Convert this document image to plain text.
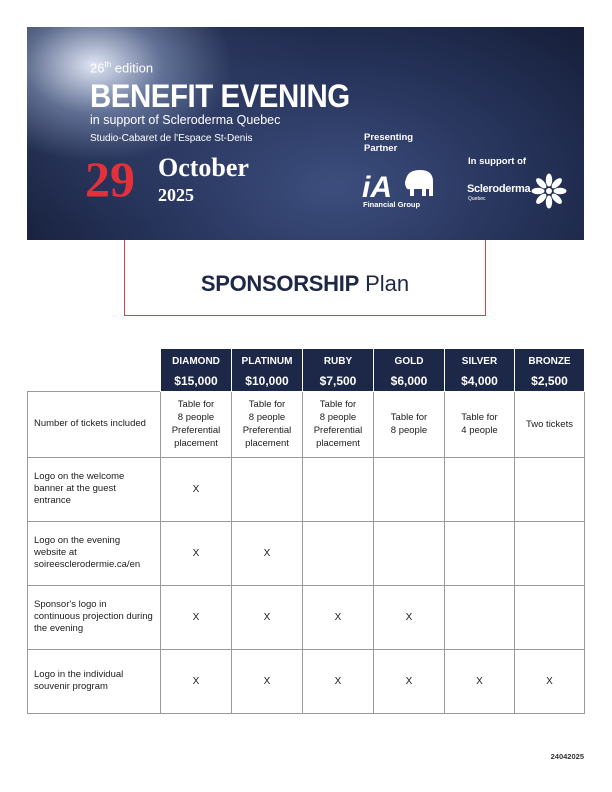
26th edition
BENEFIT EVENING
in support of Scleroderma Quebec
Studio-Cabaret de l'Espace St-Denis
29 October
2025
Presenting Partner
iA
Financial Group
In support of
Scleroderma
Quebec
SPONSORSHIP Plan
	DIAMOND	PLATINUM	RUBY	GOLD	SILVER	BRONZE
	$15,000	$10,000	$7,500	$6,000	$4,000	$2,500
Number of tickets included	Table for
8 people
Preferential
placement	Table for
8 people
Preferential
placement	Table for
8 people
Preferential
placement	Table for
8 people	Table for
4 people	Two tickets
Logo on the welcome banner at the guest entrance	X					
Logo on the evening website at soireesclerodermie.ca/en	X	X				
Sponsor's logo in continuous projection during the evening	X	X	X	X		
Logo in the individual souvenir program	X	X	X	X	X	X
24042025
